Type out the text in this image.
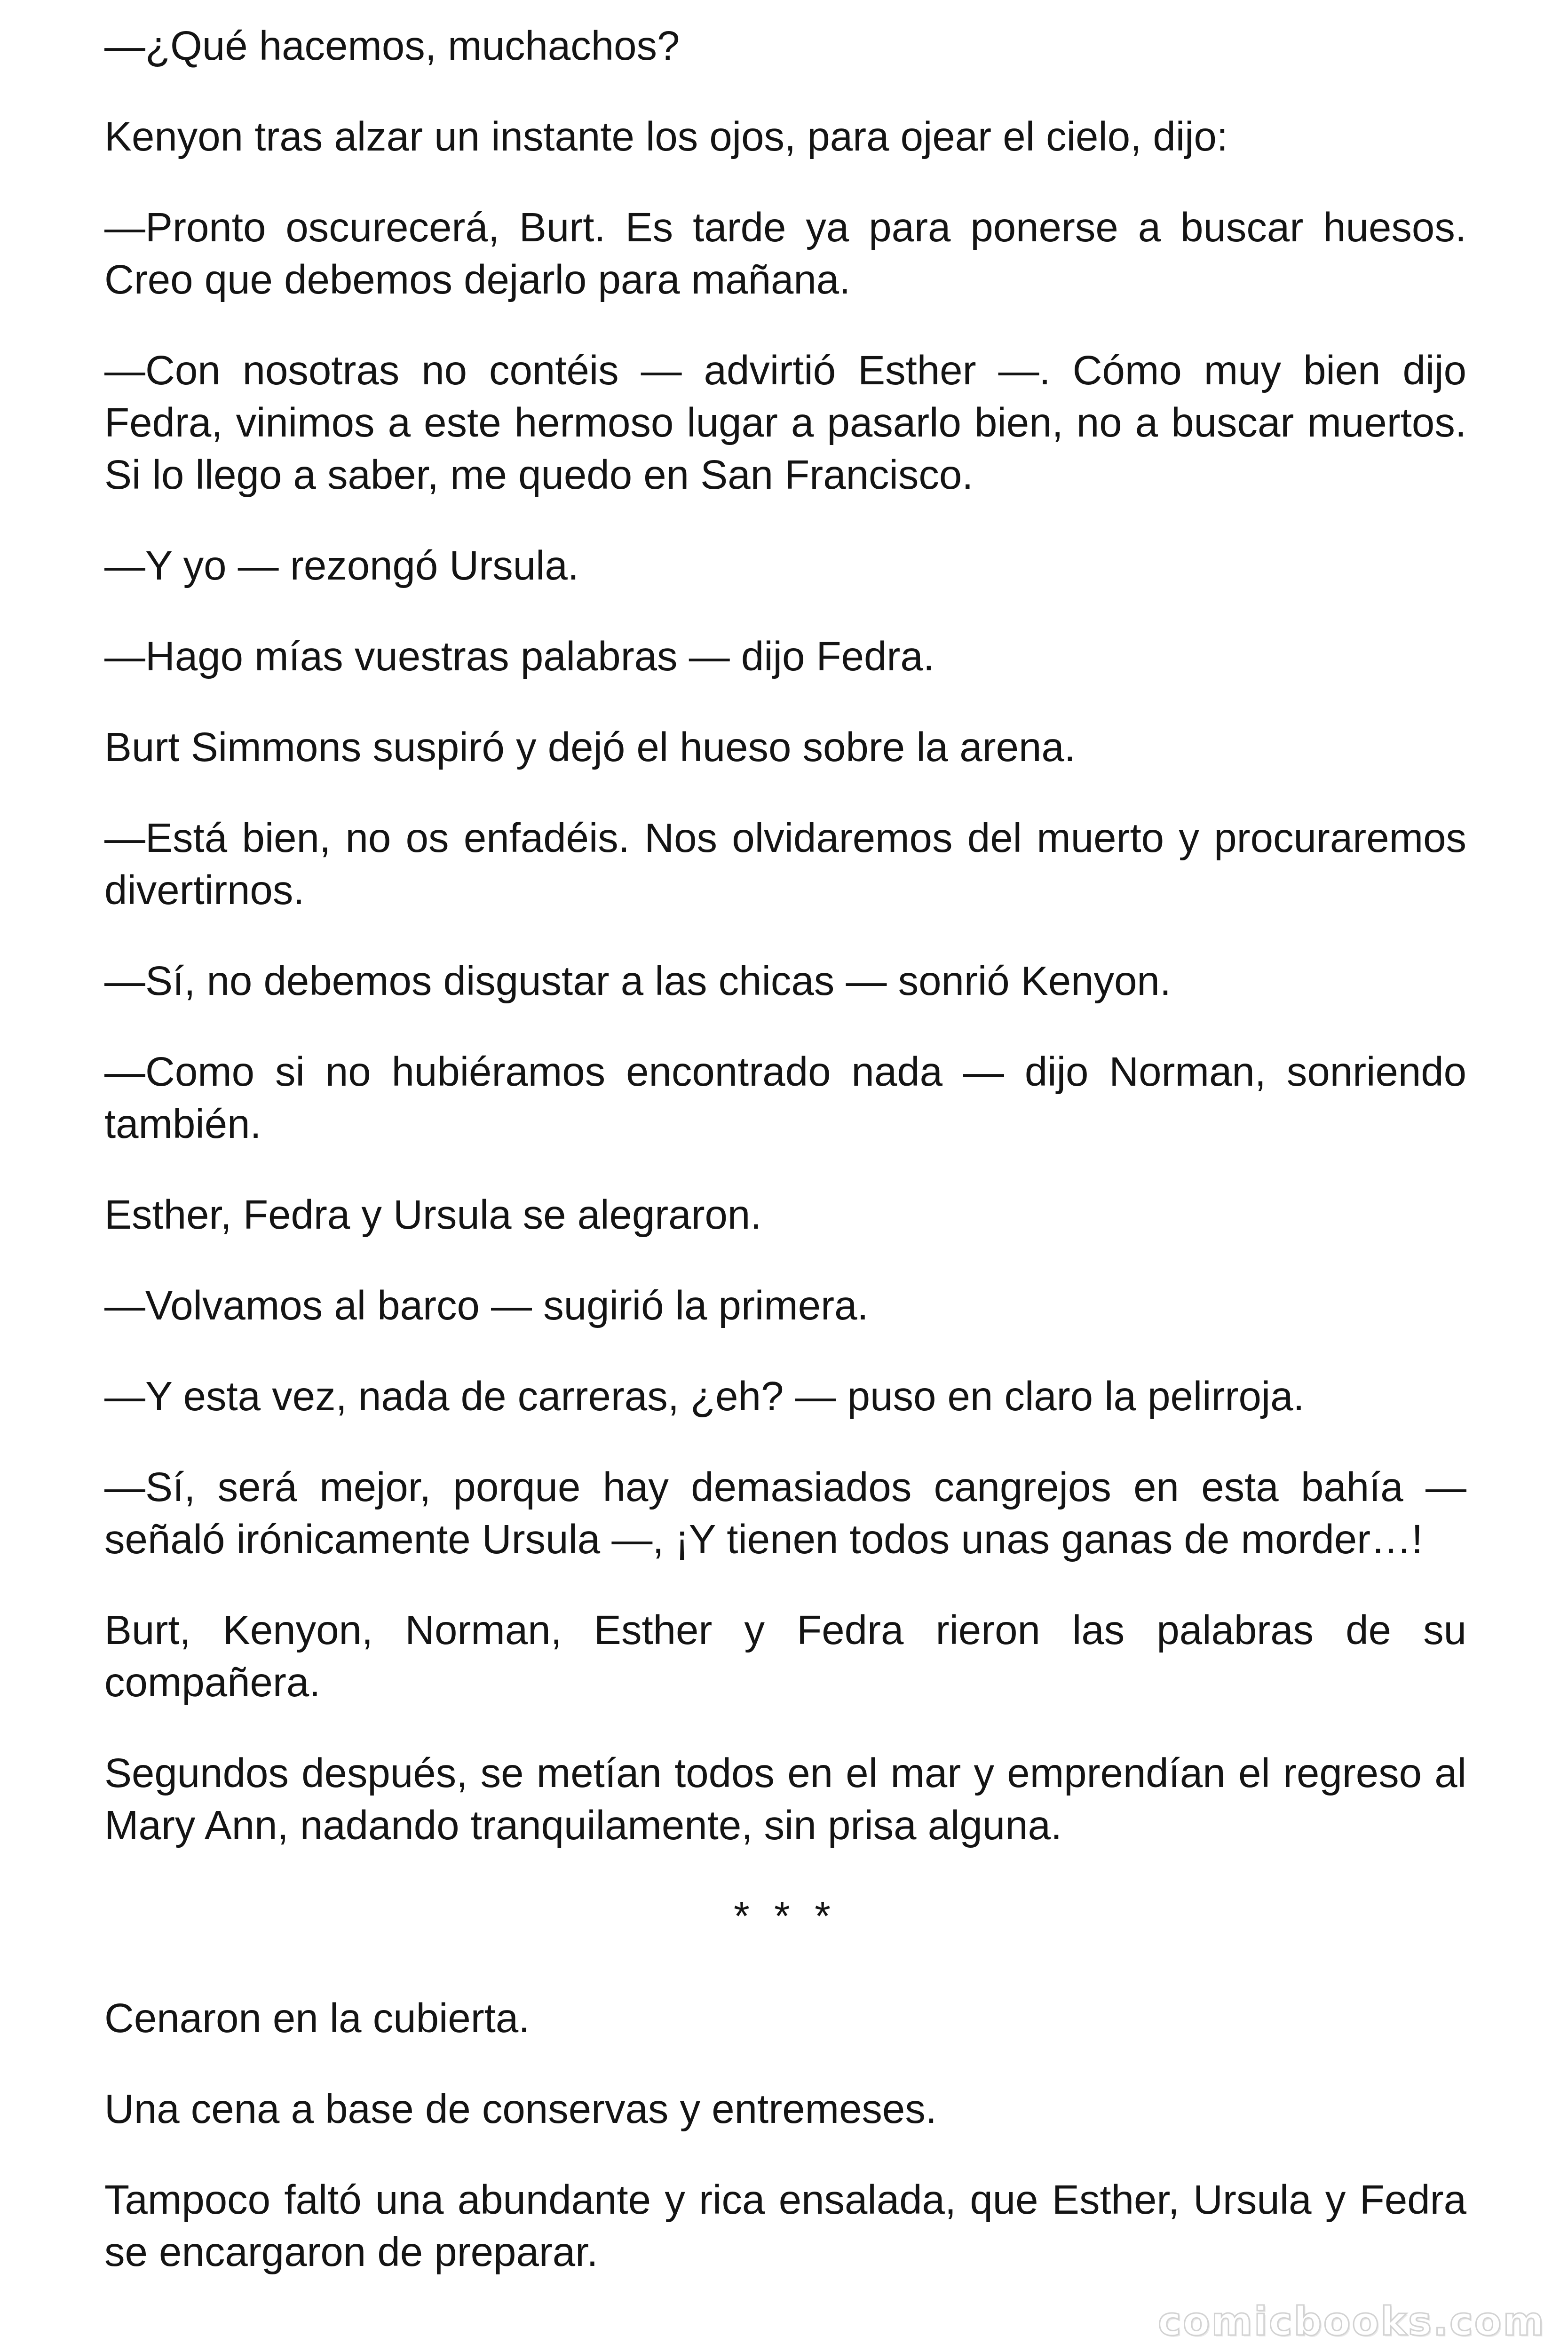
—¿Qué hacemos, muchachos?

Kenyon tras alzar un instante los ojos, para ojear el cielo, dijo:

—Pronto oscurecerá, Burt. Es tarde ya para ponerse a buscar huesos. Creo que debemos dejarlo para mañana.

—Con nosotras no contéis — advirtió Esther —. Cómo muy bien dijo Fedra, vinimos a este hermoso lugar a pasarlo bien, no a buscar muertos. Si lo llego a saber, me quedo en San Francisco.

—Y yo — rezongó Ursula.

—Hago mías vuestras palabras — dijo Fedra.

Burt Simmons suspiró y dejó el hueso sobre la arena.

—Está bien, no os enfadéis. Nos olvidaremos del muerto y procuraremos divertirnos.

—Sí, no debemos disgustar a las chicas — sonrió Kenyon.

—Como si no hubiéramos encontrado nada — dijo Norman, sonriendo también.

Esther, Fedra y Ursula se alegraron.

—Volvamos al barco — sugirió la primera.

—Y esta vez, nada de carreras, ¿eh? — puso en claro la pelirroja.

—Sí, será mejor, porque hay demasiados cangrejos en esta bahía — señaló irónicamente Ursula —, ¡Y tienen todos unas ganas de morder…!

Burt, Kenyon, Norman, Esther y Fedra rieron las palabras de su compañera.

Segundos después, se metían todos en el mar y emprendían el regreso al Mary Ann, nadando tranquilamente, sin prisa alguna.

* * *

Cenaron en la cubierta.

Una cena a base de conservas y entremeses.

Tampoco faltó una abundante y rica ensalada, que Esther, Ursula y Fedra se encargaron de preparar.

comicbooks.com
